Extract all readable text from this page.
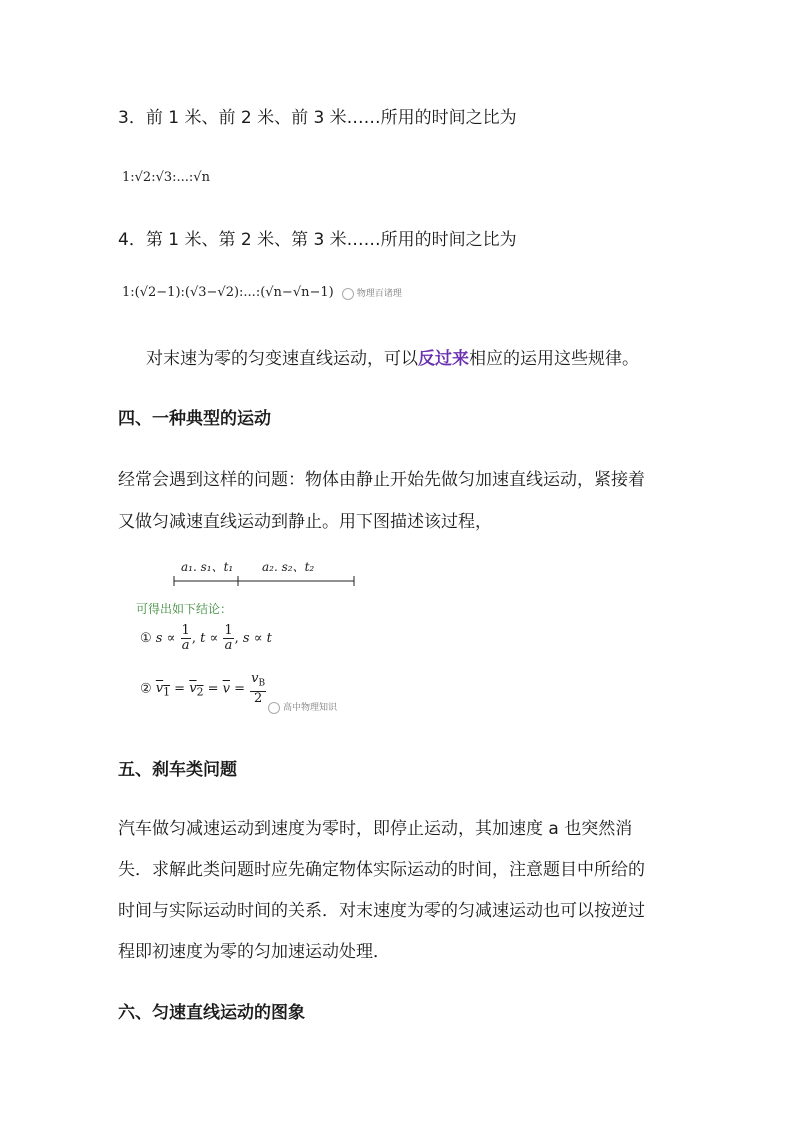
3．前 1 米、前 2 米、前 3 米……所用的时间之比为
1:√2:√3:...:√n
4．第 1 米、第 2 米、第 3 米……所用的时间之比为
1:(√2−1):(√3−√2):...:(√n−√n−1)	物理百诸理
对末速为零的匀变速直线运动，可以反过来相应的运用这些规律。
四、一种典型的运动
经常会遇到这样的问题：物体由静止开始先做匀加速直线运动，紧接着
又做匀减速直线运动到静止。用下图描述该过程，
a₁. s₁、t₁ a₂. s₂、t₂
可得出如下结论：
① $s \propto \frac{1}{a}$ , $t \propto \frac{1}{a}$ , s ∝ t
② $v_1 = v_2 = \overline{v} = \frac{v_B}{2}$
高中物理知识
五、刹车类问题
汽车做匀减速运动到速度为零时，即停止运动，其加速度 a 也突然消
失．求解此类问题时应先确定物体实际运动的时间，注意题目中所给的
时间与实际运动时间的关系．对末速度为零的匀减速运动也可以按逆过
程即初速度为零的匀加速运动处理．
六、匀速直线运动的图象
